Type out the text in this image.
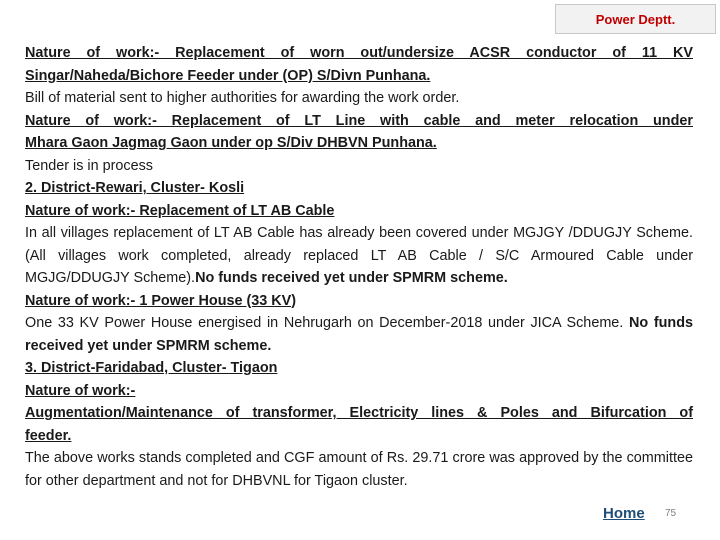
Power Deptt.

Nature of work:- Replacement of worn out/undersize ACSR conductor of 11 KV

Singar/Naheda/Bichore Feeder under (OP) S/Divn Punhana.

Bill of material sent to higher authorities for awarding the work order.

Nature of work:- Replacement of LT Line with cable and meter relocation under

Mhara Gaon Jagmag Gaon under op S/Div DHBVN Punhana.

Tender is in process

2. District-Rewari, Cluster- Kosli

Nature of work:- Replacement of LT AB Cable

In all villages replacement of LT AB Cable has already been covered under MGJGY /DDUGJY Scheme. (All villages work completed, already replaced LT AB Cable / S/C Armoured Cable under MGJG/DDUGJY Scheme).No funds received yet under SPMRM scheme.

Nature of work:- 1 Power House (33 KV)

One 33 KV Power House energised in Nehrugarh on December-2018 under JICA Scheme. No funds received yet under SPMRM scheme.

3. District-Faridabad, Cluster- Tigaon

Nature of work:-

Augmentation/Maintenance of transformer, Electricity lines & Poles and Bifurcation of

feeder.

The above works stands completed and CGF amount of Rs. 29.71 crore was approved by the committee for other department and not for DHBVNL for Tigaon cluster.

Home 75
